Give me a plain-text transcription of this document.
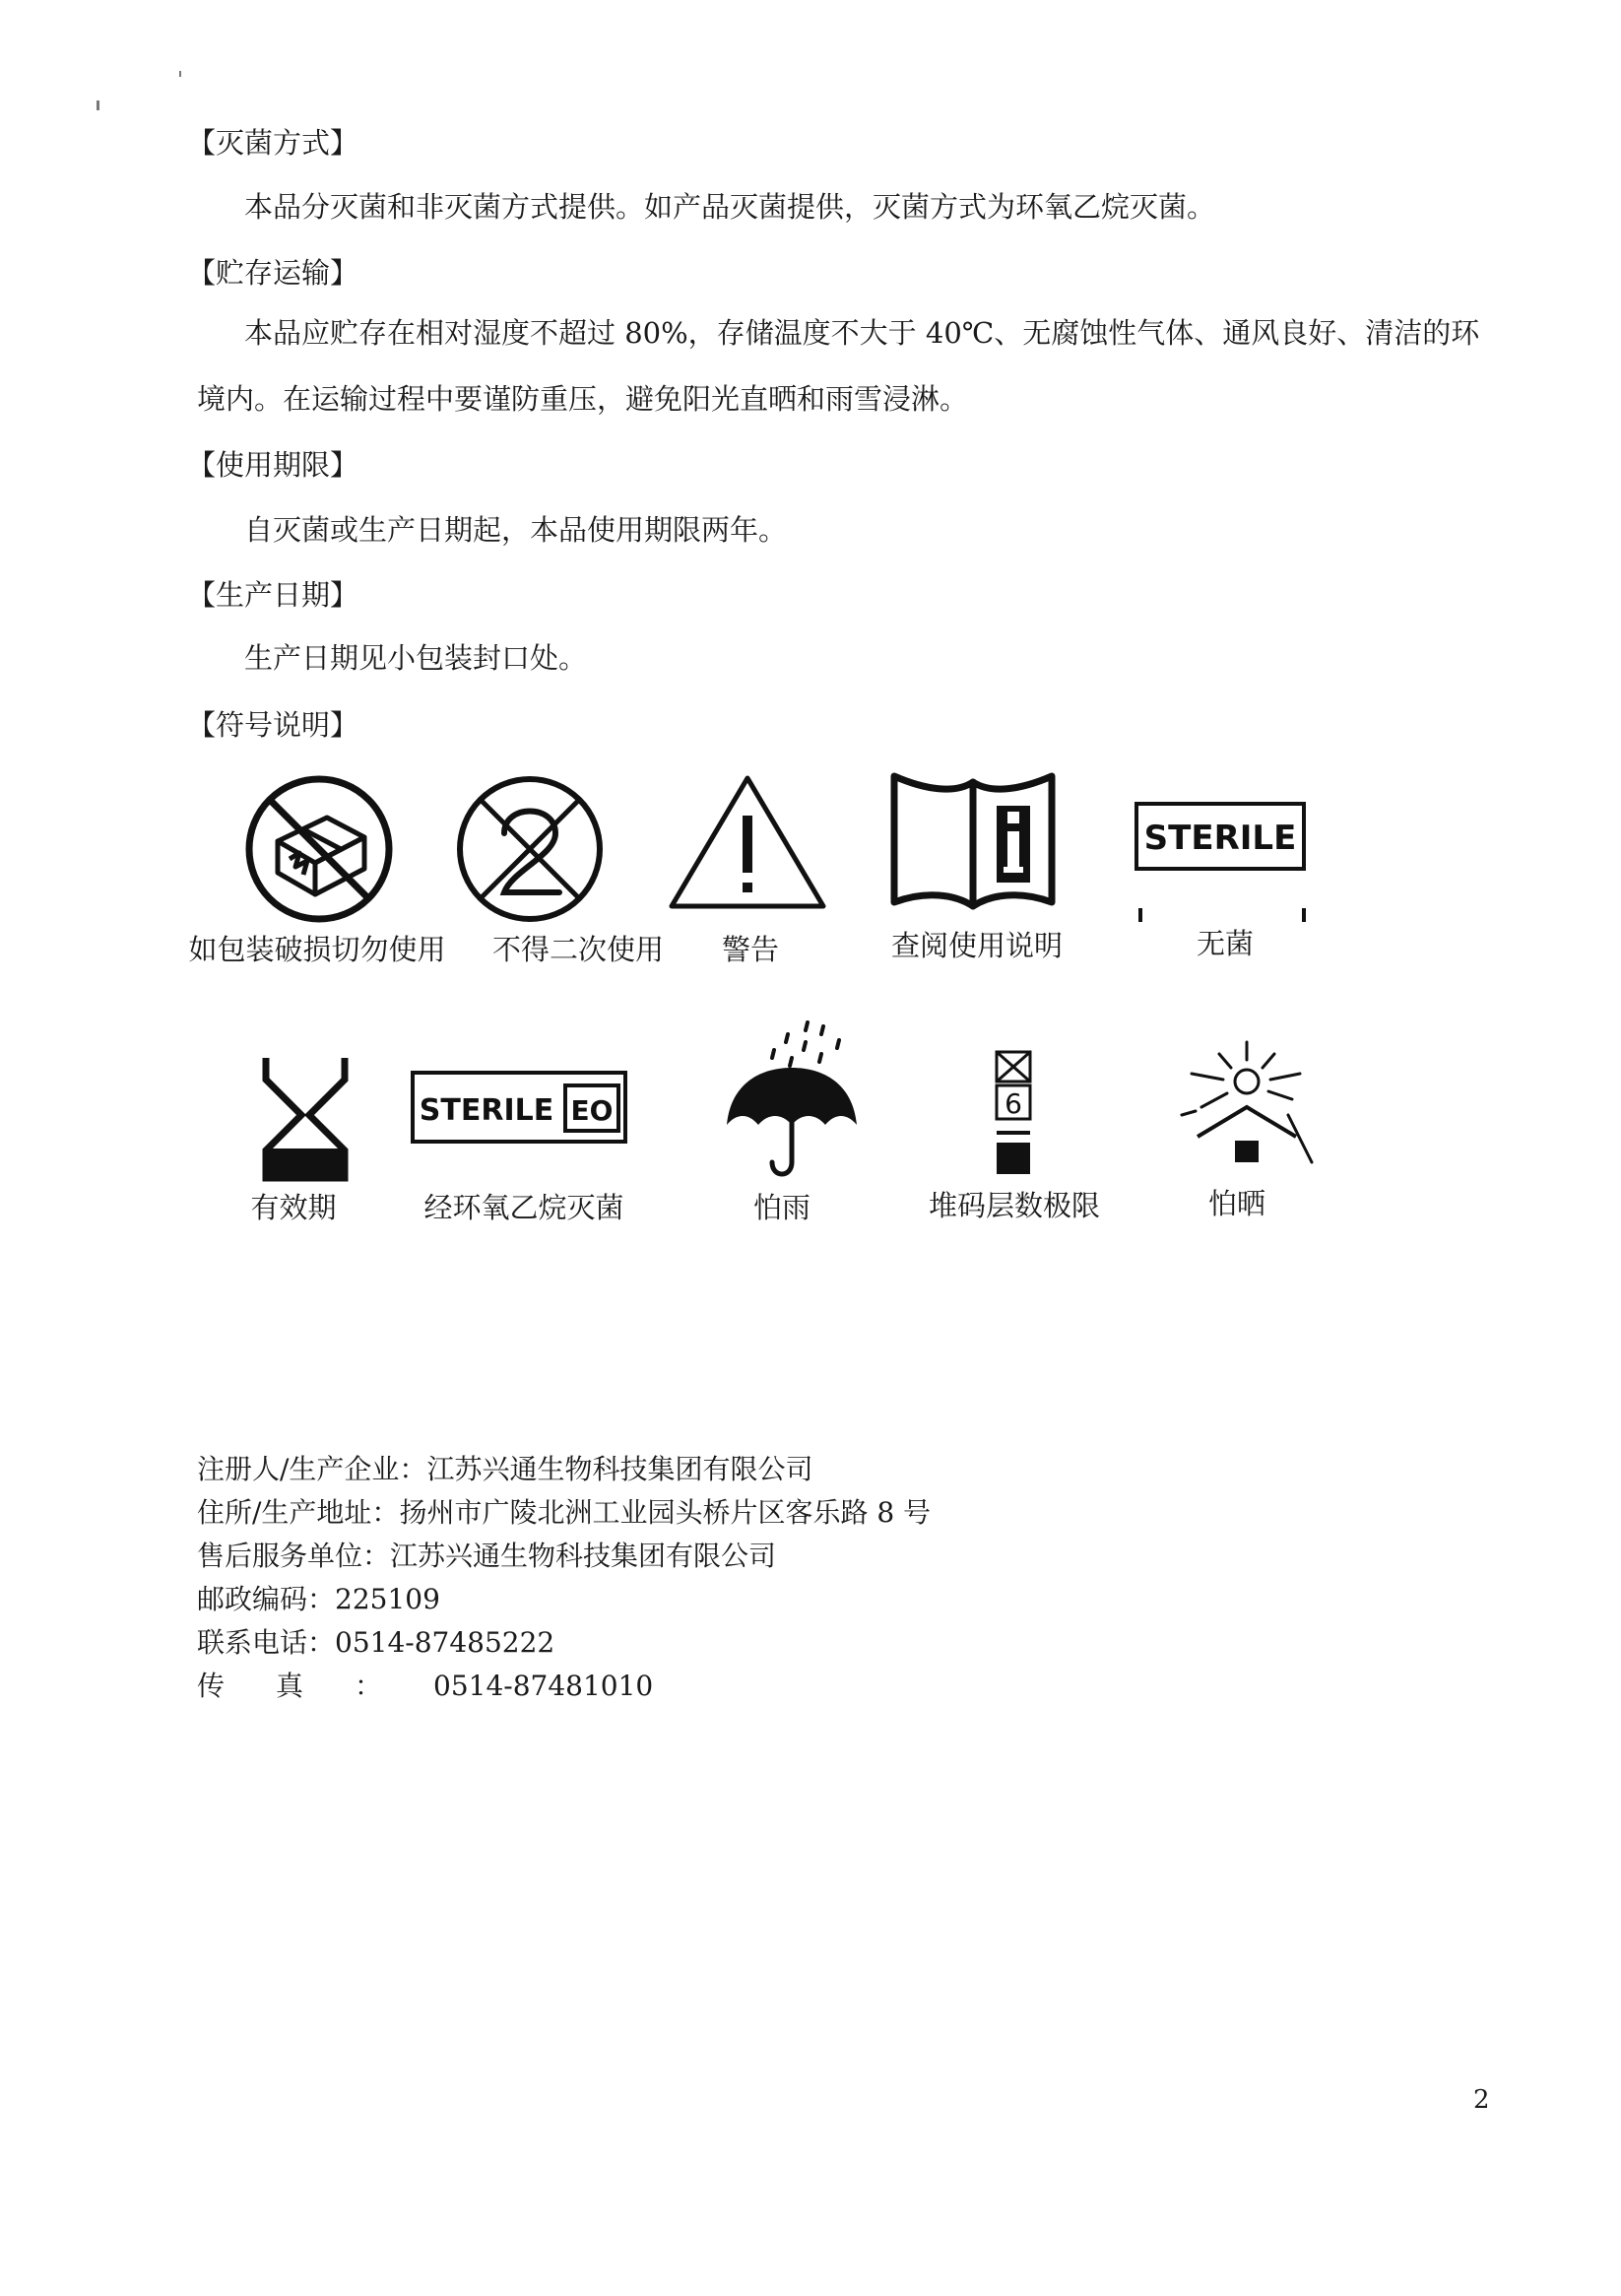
【灭菌方式】
本品分灭菌和非灭菌方式提供。如产品灭菌提供，灭菌方式为环氧乙烷灭菌。
【贮存运输】
本品应贮存在相对湿度不超过 80%，存储温度不大于 40℃、无腐蚀性气体、通风良好、清洁的环
境内。在运输过程中要谨防重压，避免阳光直晒和雨雪浸淋。
【使用期限】
自灭菌或生产日期起，本品使用期限两年。
【生产日期】
生产日期见小包装封口处。
【符号说明】
如包装破损切勿使用 不得二次使用 警告	查阅使用说明
STERILE
无菌
有效期
STERILE EO
经环氧乙烷灭菌	怕雨
6
堆码层数极限	怕晒
注册人/生产企业：江苏兴通生物科技集团有限公司
住所/生产地址：扬州市广陵北洲工业园头桥片区客乐路 8 号
售后服务单位：江苏兴通生物科技集团有限公司
邮政编码：225109
联系电话：0514-87485222
传真：0514-87481010
2
